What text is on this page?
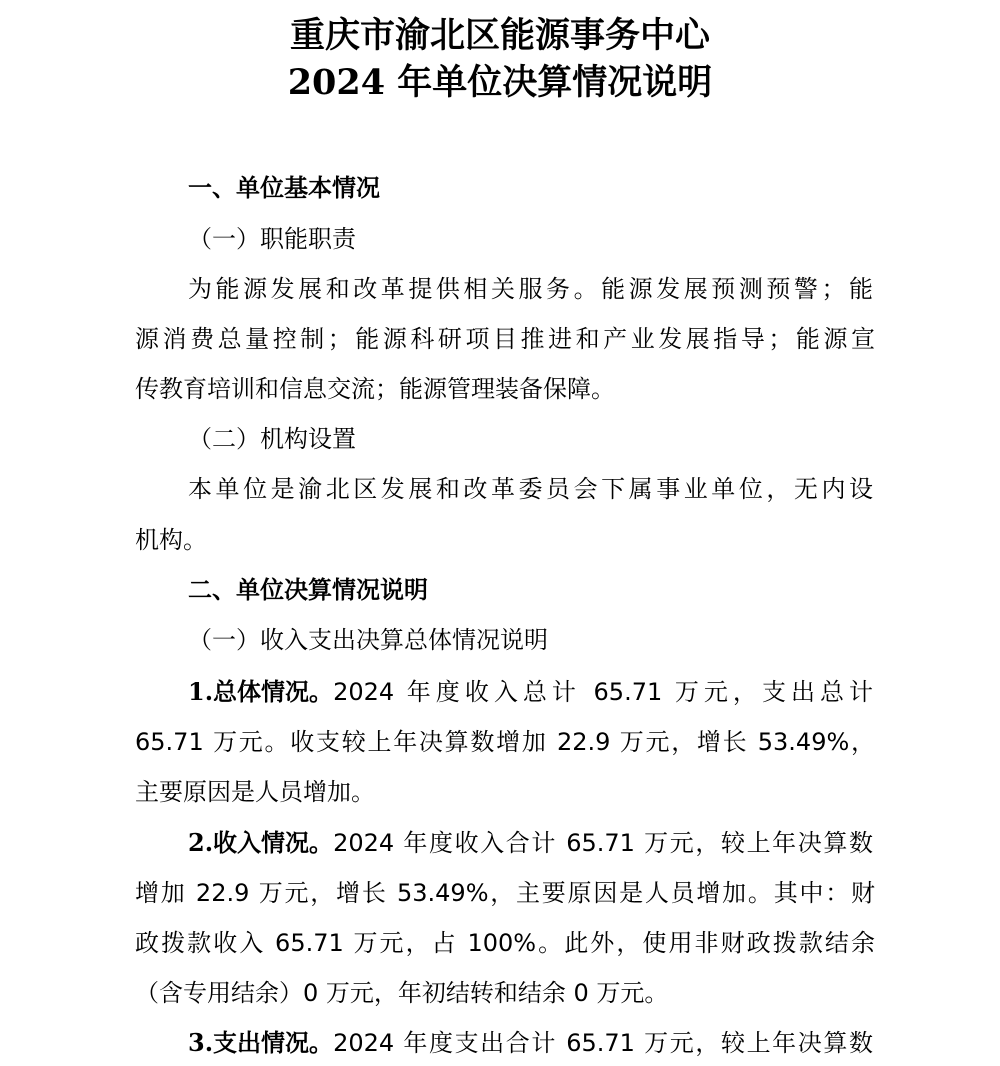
重庆市渝北区能源事务中心
2024 年单位决算情况说明
一、单位基本情况
（一）职能职责
为能源发展和改革提供相关服务。能源发展预测预警；能
源消费总量控制；能源科研项目推进和产业发展指导；能源宣
传教育培训和信息交流；能源管理装备保障。
（二）机构设置
本单位是渝北区发展和改革委员会下属事业单位，无内设
机构。
二、单位决算情况说明
（一）收入支出决算总体情况说明
1.总体情况。 2024 年度收入总计 65.71 万元，支出总计
65.71 万元。收支较上年决算数增加 22.9 万元，增长 53.49%，
主要原因是人员增加。
2.收入情况。 2024 年度收入合计 65.71 万元，较上年决算数
增加 22.9 万元，增长 53.49%，主要原因是人员增加。其中：财
政拨款收入 65.71 万元，占 100%。此外，使用非财政拨款结余
（含专用结余）0 万元，年初结转和结余 0 万元。
3.支出情况。 2024 年度支出合计 65.71 万元，较上年决算数
